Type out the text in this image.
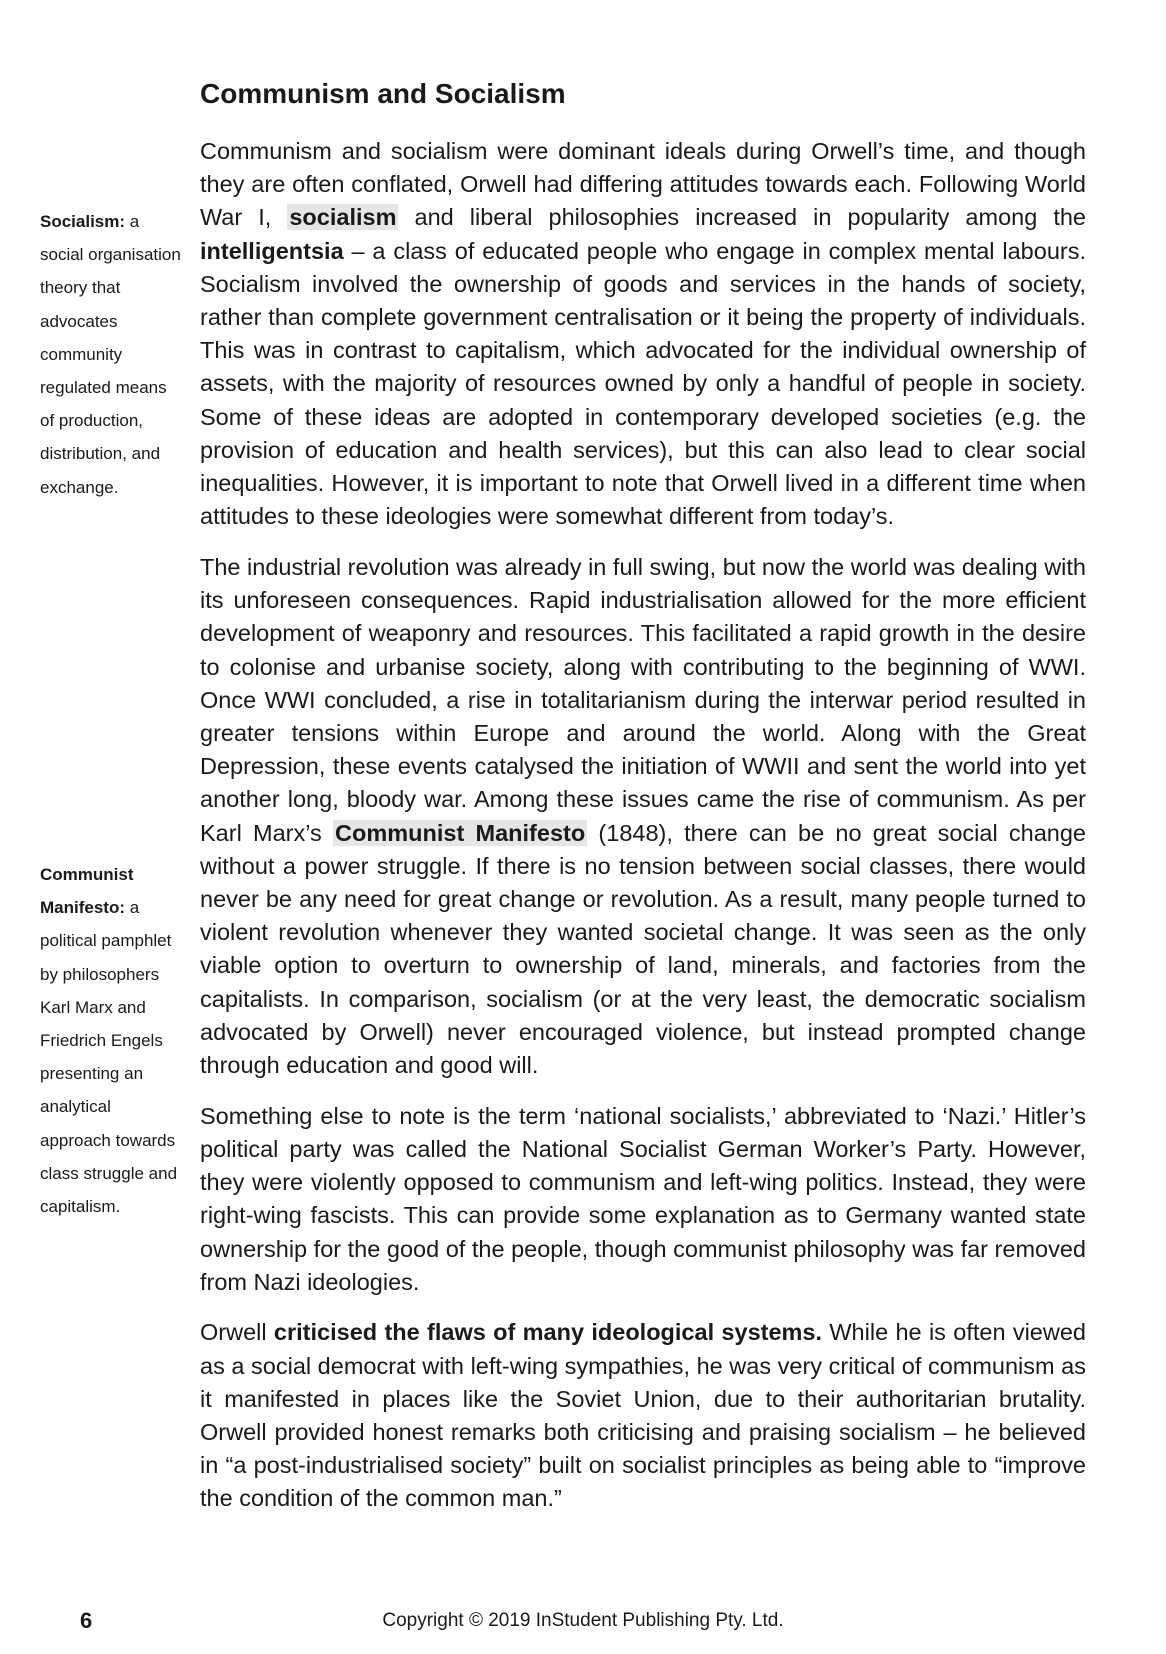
Communism and Socialism

Socialism: a social organisation theory that advocates community regulated means of production, distribution, and exchange.

Communist Manifesto: a political pamphlet by philosophers Karl Marx and Friedrich Engels presenting an analytical approach towards class struggle and capitalism.

Communism and socialism were dominant ideals during Orwell’s time, and though they are often conflated, Orwell had differing attitudes towards each. Following World War I, socialism and liberal philosophies increased in popularity among the intelligentsia – a class of educated people who engage in complex mental labours. Socialism involved the ownership of goods and services in the hands of society, rather than complete government centralisation or it being the property of individuals. This was in contrast to capitalism, which advocated for the individual ownership of assets, with the majority of resources owned by only a handful of people in society. Some of these ideas are adopted in contemporary developed societies (e.g. the provision of education and health services), but this can also lead to clear social inequalities. However, it is important to note that Orwell lived in a different time when attitudes to these ideologies were somewhat different from today’s.

The industrial revolution was already in full swing, but now the world was dealing with its unforeseen consequences. Rapid industrialisation allowed for the more efficient development of weaponry and resources. This facilitated a rapid growth in the desire to colonise and urbanise society, along with contributing to the beginning of WWI. Once WWI concluded, a rise in totalitarianism during the interwar period resulted in greater tensions within Europe and around the world. Along with the Great Depression, these events catalysed the initiation of WWII and sent the world into yet another long, bloody war. Among these issues came the rise of communism. As per Karl Marx’s Communist Manifesto (1848), there can be no great social change without a power struggle. If there is no tension between social classes, there would never be any need for great change or revolution. As a result, many people turned to violent revolution whenever they wanted societal change. It was seen as the only viable option to overturn to ownership of land, minerals, and factories from the capitalists. In comparison, socialism (or at the very least, the democratic socialism advocated by Orwell) never encouraged violence, but instead prompted change through education and good will.

Something else to note is the term ‘national socialists,’ abbreviated to ‘Nazi.’ Hitler’s political party was called the National Socialist German Worker’s Party. However, they were violently opposed to communism and left-wing politics. Instead, they were right-wing fascists. This can provide some explanation as to Germany wanted state ownership for the good of the people, though communist philosophy was far removed from Nazi ideologies.

Orwell criticised the flaws of many ideological systems. While he is often viewed as a social democrat with left-wing sympathies, he was very critical of communism as it manifested in places like the Soviet Union, due to their authoritarian brutality. Orwell provided honest remarks both criticising and praising socialism – he believed in “a post-industrialised society” built on socialist principles as being able to “improve the condition of the common man.”

6	Copyright © 2019 InStudent Publishing Pty. Ltd.
